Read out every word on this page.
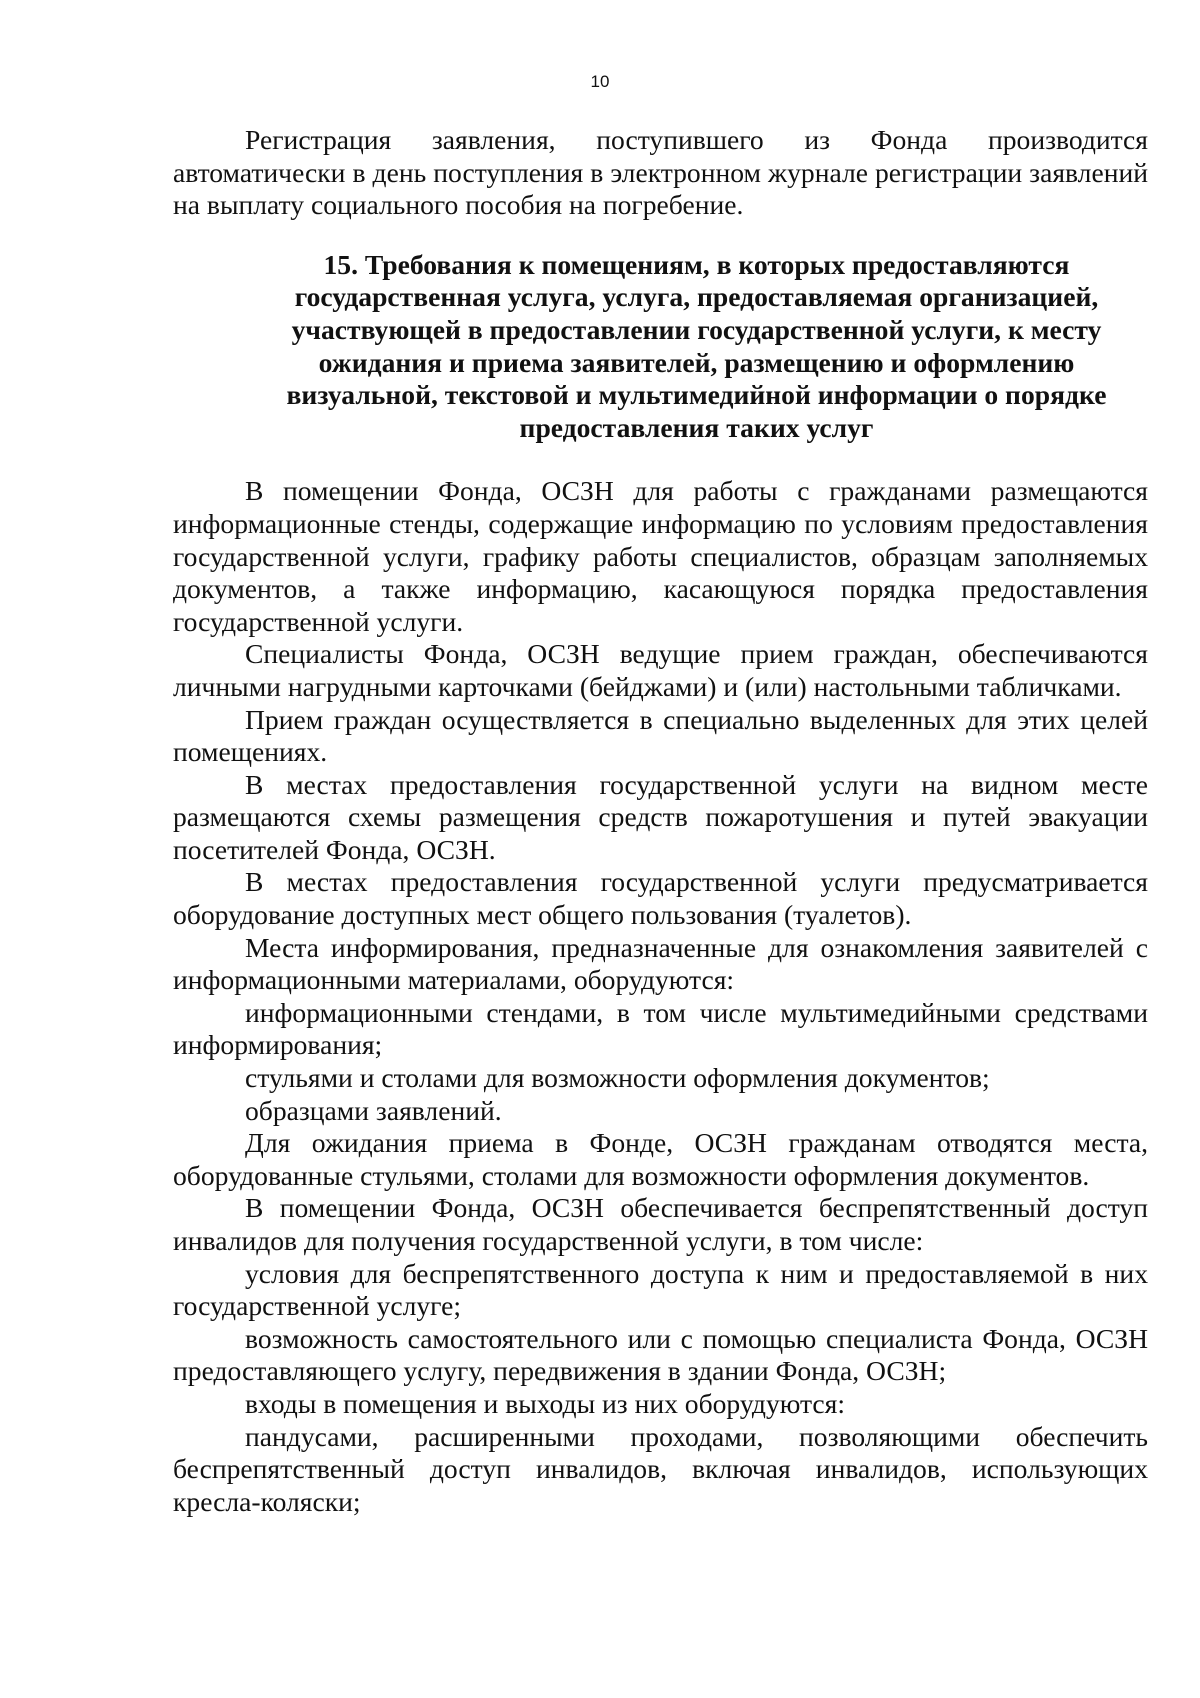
10

Регистрация заявления, поступившего из Фонда производится автоматически в день поступления в электронном журнале регистрации заявлений на выплату социального пособия на погребение.

15. Требования к помещениям, в которых предоставляются государственная услуга, услуга, предоставляемая организацией, участвующей в предоставлении государственной услуги, к месту ожидания и приема заявителей, размещению и оформлению визуальной, текстовой и мультимедийной информации о порядке предоставления таких услуг

В помещении Фонда, ОСЗН для работы с гражданами размещаются информационные стенды, содержащие информацию по условиям предоставления государственной услуги, графику работы специалистов, образцам заполняемых документов, а также информацию, касающуюся порядка предоставления государственной услуги.

Специалисты Фонда, ОСЗН ведущие прием граждан, обеспечиваются личными нагрудными карточками (бейджами) и (или) настольными табличками.

Прием граждан осуществляется в специально выделенных для этих целей помещениях.

В местах предоставления государственной услуги на видном месте размещаются схемы размещения средств пожаротушения и путей эвакуации посетителей Фонда, ОСЗН.

В местах предоставления государственной услуги предусматривается оборудование доступных мест общего пользования (туалетов).

Места информирования, предназначенные для ознакомления заявителей с информационными материалами, оборудуются:

информационными стендами, в том числе мультимедийными средствами информирования;

стульями и столами для возможности оформления документов;

образцами заявлений.

Для ожидания приема в Фонде, ОСЗН гражданам отводятся места, оборудованные стульями, столами для возможности оформления документов.

В помещении Фонда, ОСЗН обеспечивается беспрепятственный доступ инвалидов для получения государственной услуги, в том числе:

условия для беспрепятственного доступа к ним и предоставляемой в них государственной услуге;

возможность самостоятельного или с помощью специалиста Фонда, ОСЗН предоставляющего услугу, передвижения в здании Фонда, ОСЗН;

входы в помещения и выходы из них оборудуются:

пандусами, расширенными проходами, позволяющими обеспечить беспрепятственный доступ инвалидов, включая инвалидов, использующих кресла-коляски;
